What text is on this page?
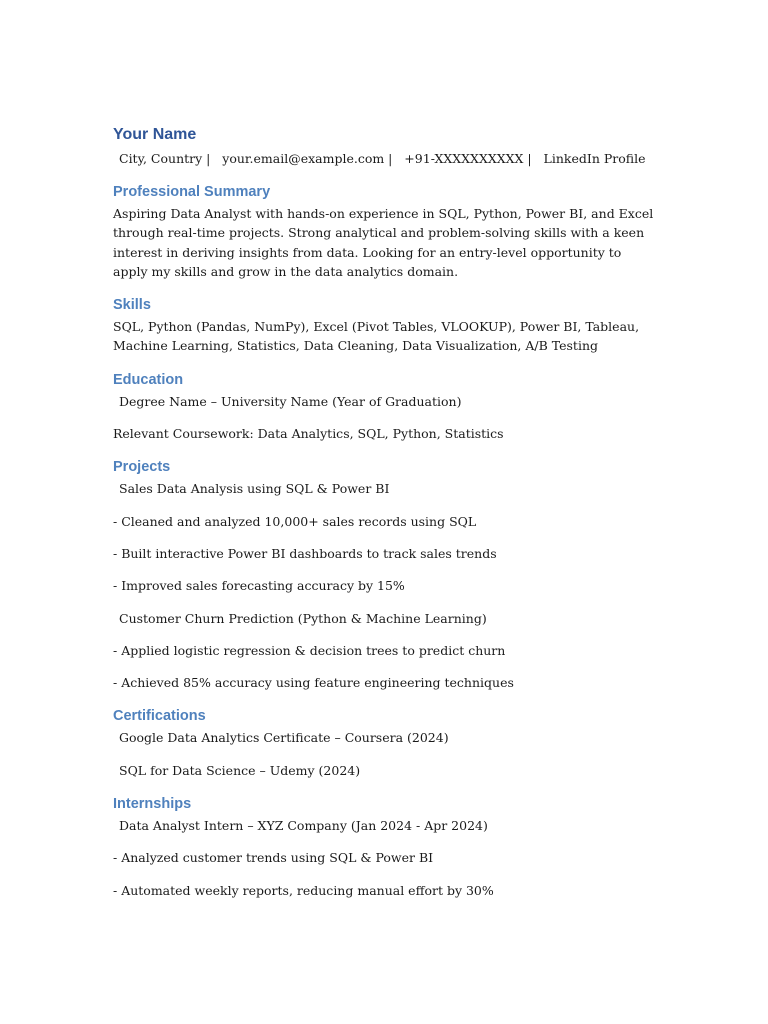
Your Name
City, Country |   your.email@example.com |   +91-XXXXXXXXXX |   LinkedIn Profile
Professional Summary

Aspiring Data Analyst with hands-on experience in SQL, Python, Power BI, and Excel through real-time projects. Strong analytical and problem-solving skills with a keen interest in deriving insights from data. Looking for an entry-level opportunity to apply my skills and grow in the data analytics domain.

Skills

SQL, Python (Pandas, NumPy), Excel (Pivot Tables, VLOOKUP), Power BI, Tableau, Machine Learning, Statistics, Data Cleaning, Data Visualization, A/B Testing

Education

Degree Name – University Name (Year of Graduation)

Relevant Coursework: Data Analytics, SQL, Python, Statistics

Projects

Sales Data Analysis using SQL & Power BI

- Cleaned and analyzed 10,000+ sales records using SQL

- Built interactive Power BI dashboards to track sales trends

- Improved sales forecasting accuracy by 15%

Customer Churn Prediction (Python & Machine Learning)

- Applied logistic regression & decision trees to predict churn

- Achieved 85% accuracy using feature engineering techniques

Certifications

Google Data Analytics Certificate – Coursera (2024)

SQL for Data Science – Udemy (2024)

Internships

Data Analyst Intern – XYZ Company (Jan 2024 - Apr 2024)

- Analyzed customer trends using SQL & Power BI

- Automated weekly reports, reducing manual effort by 30%
